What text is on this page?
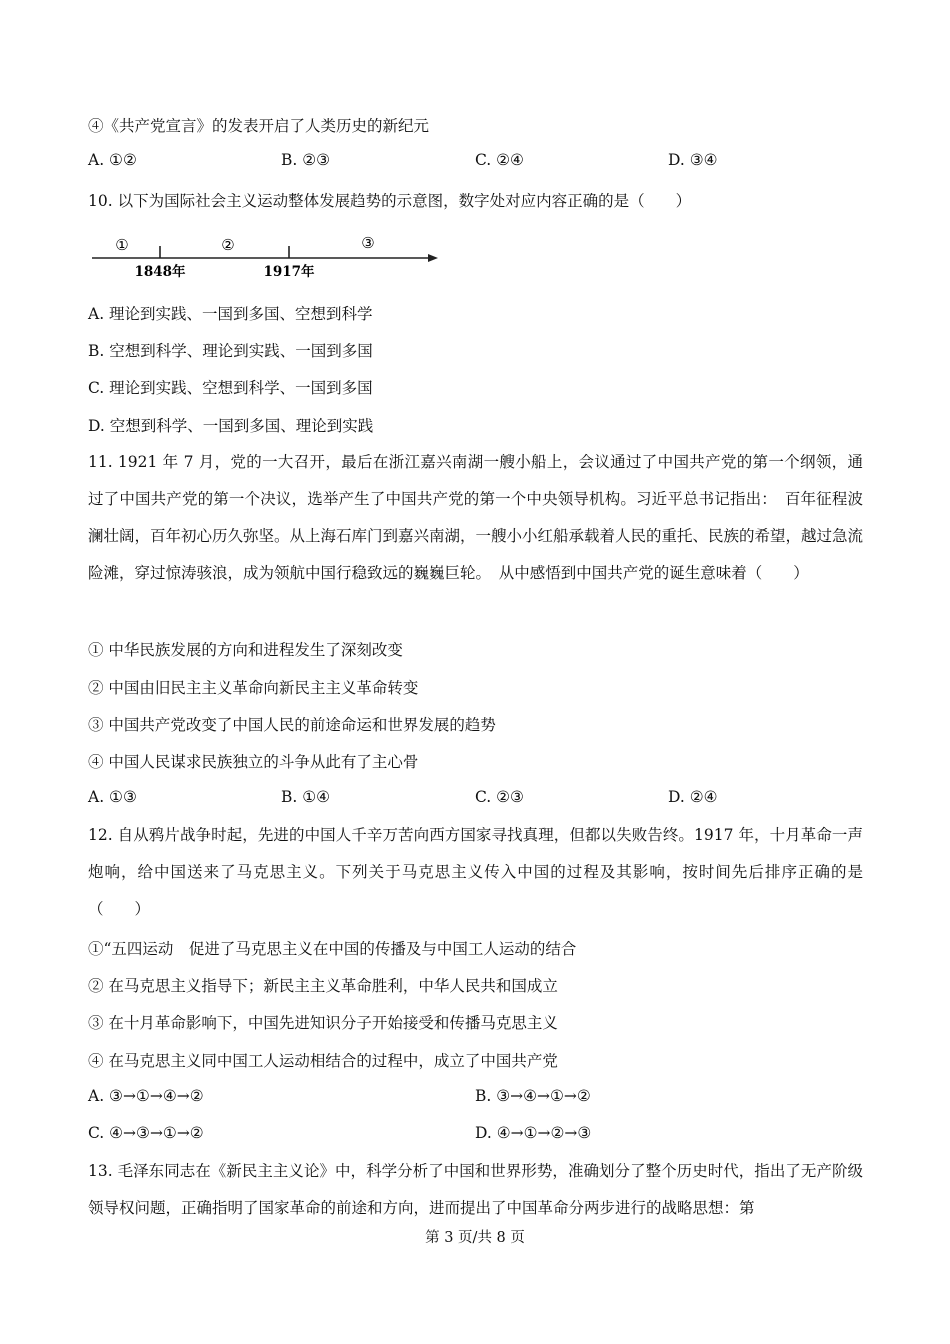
④《共产党宣言》的发表开启了人类历史的新纪元
A. ①②	B. ②③	C. ②④	D. ③④
10. 以下为国际社会主义运动整体发展趋势的示意图，数字处对应内容正确的是（　　）
①	②	③
1848年	1917年
A. 理论到实践、一国到多国、空想到科学
B. 空想到科学、理论到实践、一国到多国
C. 理论到实践、空想到科学、一国到多国
D. 空想到科学、一国到多国、理论到实践
11. 1921 年 7 月，党的一大召开，最后在浙江嘉兴南湖一艘小船上，会议通过了中国共产党的第一个纲领，通过了中国共产党的第一个决议，选举产生了中国共产党的第一个中央领导机构。习近平总书记指出：　百年征程波澜壮阔，百年初心历久弥坚。从上海石库门到嘉兴南湖，一艘小小红船承载着人民的重托、民族的希望，越过急流险滩，穿过惊涛骇浪，成为领航中国行稳致远的巍巍巨轮。　从中感悟到中国共产党的诞生意味着（　　）
① 中华民族发展的方向和进程发生了深刻改变
② 中国由旧民主主义革命向新民主主义革命转变
③ 中国共产党改变了中国人民的前途命运和世界发展的趋势
④ 中国人民谋求民族独立的斗争从此有了主心骨
A. ①③	B. ①④	C. ②③	D. ②④
12. 自从鸦片战争时起，先进的中国人千辛万苦向西方国家寻找真理，但都以失败告终。1917 年，十月革命一声炮响，给中国送来了马克思主义。下列关于马克思主义传入中国的过程及其影响，按时间先后排序正确的是（　　）
①“五四运动　促进了马克思主义在中国的传播及与中国工人运动的结合
② 在马克思主义指导下；新民主主义革命胜利，中华人民共和国成立
③ 在十月革命影响下，中国先进知识分子开始接受和传播马克思主义
④ 在马克思主义同中国工人运动相结合的过程中，成立了中国共产党
A. ③→①→④→②	B. ③→④→①→②
C. ④→③→①→②	D. ④→①→②→③
13. 毛泽东同志在《新民主主义论》中，科学分析了中国和世界形势，准确划分了整个历史时代，指出了无产阶级领导权问题，正确指明了国家革命的前途和方向，进而提出了中国革命分两步进行的战略思想：第
第 3 页/共 8 页
